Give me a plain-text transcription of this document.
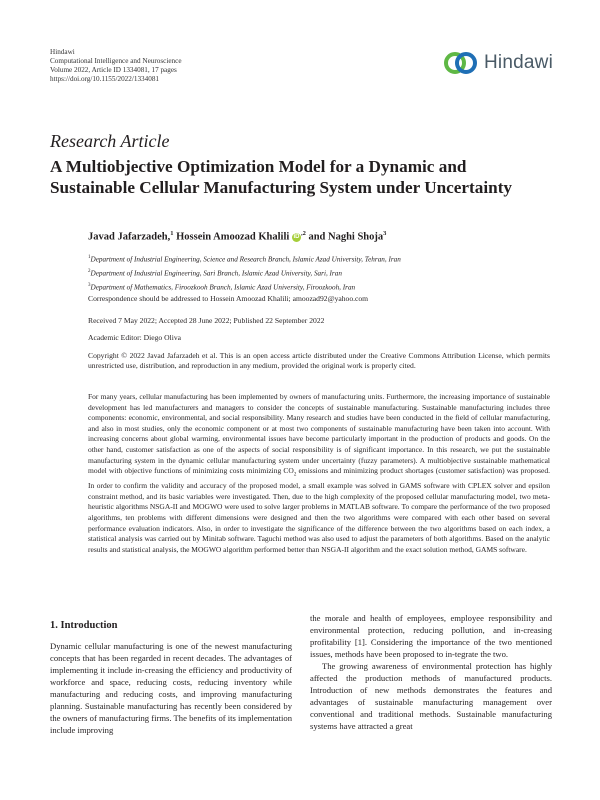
Hindawi
Computational Intelligence and Neuroscience
Volume 2022, Article ID 1334081, 17 pages
https://doi.org/10.1155/2022/1334081
Hindawi
Research Article
A Multiobjective Optimization Model for a Dynamic and Sustainable Cellular Manufacturing System under Uncertainty
Javad Jafarzadeh,$^1$ Hossein Amoozad Khalili iD $^{,2}$ and Naghi Shoja$^3$
$^1$Department of Industrial Engineering, Science and Research Branch, Islamic Azad University, Tehran, Iran
$^2$Department of Industrial Engineering, Sari Branch, Islamic Azad University, Sari, Iran
$^3$Department of Mathematics, Firoozkooh Branch, Islamic Azad University, Firoozkooh, Iran
Correspondence should be addressed to Hossein Amoozad Khalili; amoozad92@yahoo.com
Received 7 May 2022; Accepted 28 June 2022; Published 22 September 2022
Academic Editor: Diego Oliva
Copyright © 2022 Javad Jafarzadeh et al. This is an open access article distributed under the Creative Commons Attribution License, which permits unrestricted use, distribution, and reproduction in any medium, provided the original work is properly cited.
For many years, cellular manufacturing has been implemented by owners of manufacturing units. Furthermore, the increasing importance of sustainable development has led manufacturers and managers to consider the concepts of sustainable manufacturing. Sustainable manufacturing includes three components: economic, environmental, and social responsibility. Many research and studies have been conducted in the field of cellular manufacturing, and also in most studies, only the economic component or at most two components of sustainable manufacturing have been taken into account. With increasing concerns about global warming, environmental issues have become particularly important in the production of products and goods. On the other hand, customer satisfaction as one of the aspects of social responsibility is of significant importance. In this research, we put the sustainable manufacturing system in the dynamic cellular manufacturing system under uncertainty (fuzzy parameters). A multiobjective sustainable mathematical model with objective functions of minimizing costs minimizing $CO_2$ emissions and minimizing product shortages (customer satisfaction) was proposed. In order to confirm the validity and accuracy of the proposed model, a small example was solved in GAMS software with CPLEX solver and epsilon constraint method, and its basic variables were investigated. Then, due to the high complexity of the proposed cellular manufacturing model, two meta-heuristic algorithms NSGA-II and MOGWO were used to solve larger problems in MATLAB software. To compare the performance of the two proposed algorithms, ten problems with different dimensions were designed and then the two algorithms were compared with each other based on several performance evaluation indicators. Also, in order to investigate the significance of the difference between the two algorithms based on each index, a statistical analysis was carried out by Minitab software. Taguchi method was also used to adjust the parameters of both algorithms. Based on the analytic results and statistical analysis, the MOGWO algorithm performed better than NSGA-II algorithm and the exact solution method, GAMS software.
1. Introduction

Dynamic cellular manufacturing is one of the newest manufacturing concepts that has been regarded in recent decades. The advantages of implementing it include in-creasing the efficiency and productivity of workforce and space, reducing costs, reducing inventory while manufacturing and reducing costs, and improving manufacturing planning. Sustainable manufacturing has recently been considered by the owners of manufacturing firms. The benefits of its implementation include improving

the morale and health of employees, employee responsibility and environmental protection, reducing pollution, and in-creasing profitability [1]. Considering the importance of the two mentioned issues, methods have been proposed to in-tegrate the two.

The growing awareness of environmental protection has highly affected the production methods of manufactured products. Introduction of new methods demonstrates the features and advantages of sustainable manufacturing management over conventional and traditional methods. Sustainable manufacturing systems have attracted a great
